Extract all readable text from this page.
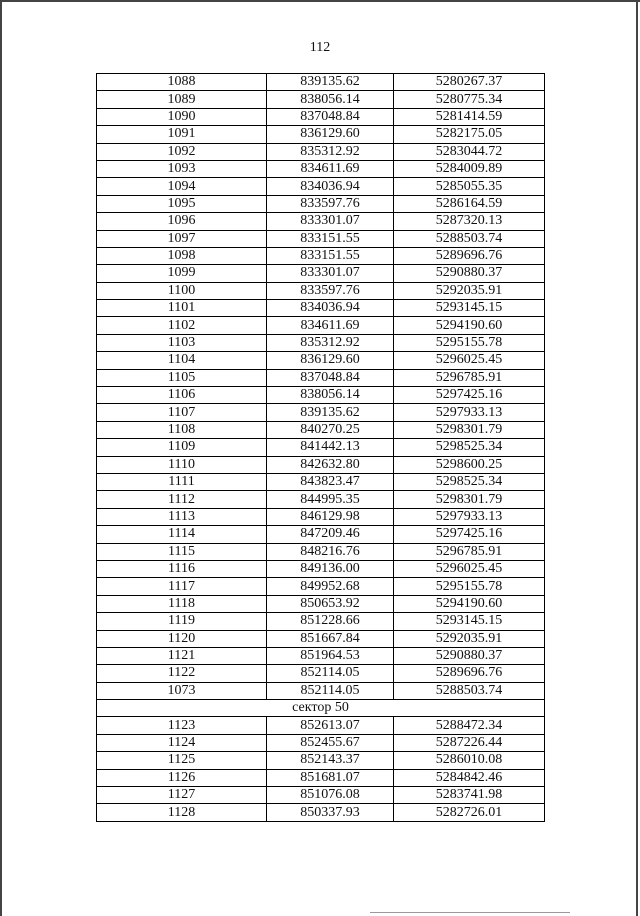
112
1088	839135.62	5280267.37
1089	838056.14	5280775.34
1090	837048.84	5281414.59
1091	836129.60	5282175.05
1092	835312.92	5283044.72
1093	834611.69	5284009.89
1094	834036.94	5285055.35
1095	833597.76	5286164.59
1096	833301.07	5287320.13
1097	833151.55	5288503.74
1098	833151.55	5289696.76
1099	833301.07	5290880.37
1100	833597.76	5292035.91
1101	834036.94	5293145.15
1102	834611.69	5294190.60
1103	835312.92	5295155.78
1104	836129.60	5296025.45
1105	837048.84	5296785.91
1106	838056.14	5297425.16
1107	839135.62	5297933.13
1108	840270.25	5298301.79
1109	841442.13	5298525.34
1110	842632.80	5298600.25
1111	843823.47	5298525.34
1112	844995.35	5298301.79
1113	846129.98	5297933.13
1114	847209.46	5297425.16
1115	848216.76	5296785.91
1116	849136.00	5296025.45
1117	849952.68	5295155.78
1118	850653.92	5294190.60
1119	851228.66	5293145.15
1120	851667.84	5292035.91
1121	851964.53	5290880.37
1122	852114.05	5289696.76
1073	852114.05	5288503.74
сектор 50		
1123	852613.07	5288472.34
1124	852455.67	5287226.44
1125	852143.37	5286010.08
1126	851681.07	5284842.46
1127	851076.08	5283741.98
1128	850337.93	5282726.01
